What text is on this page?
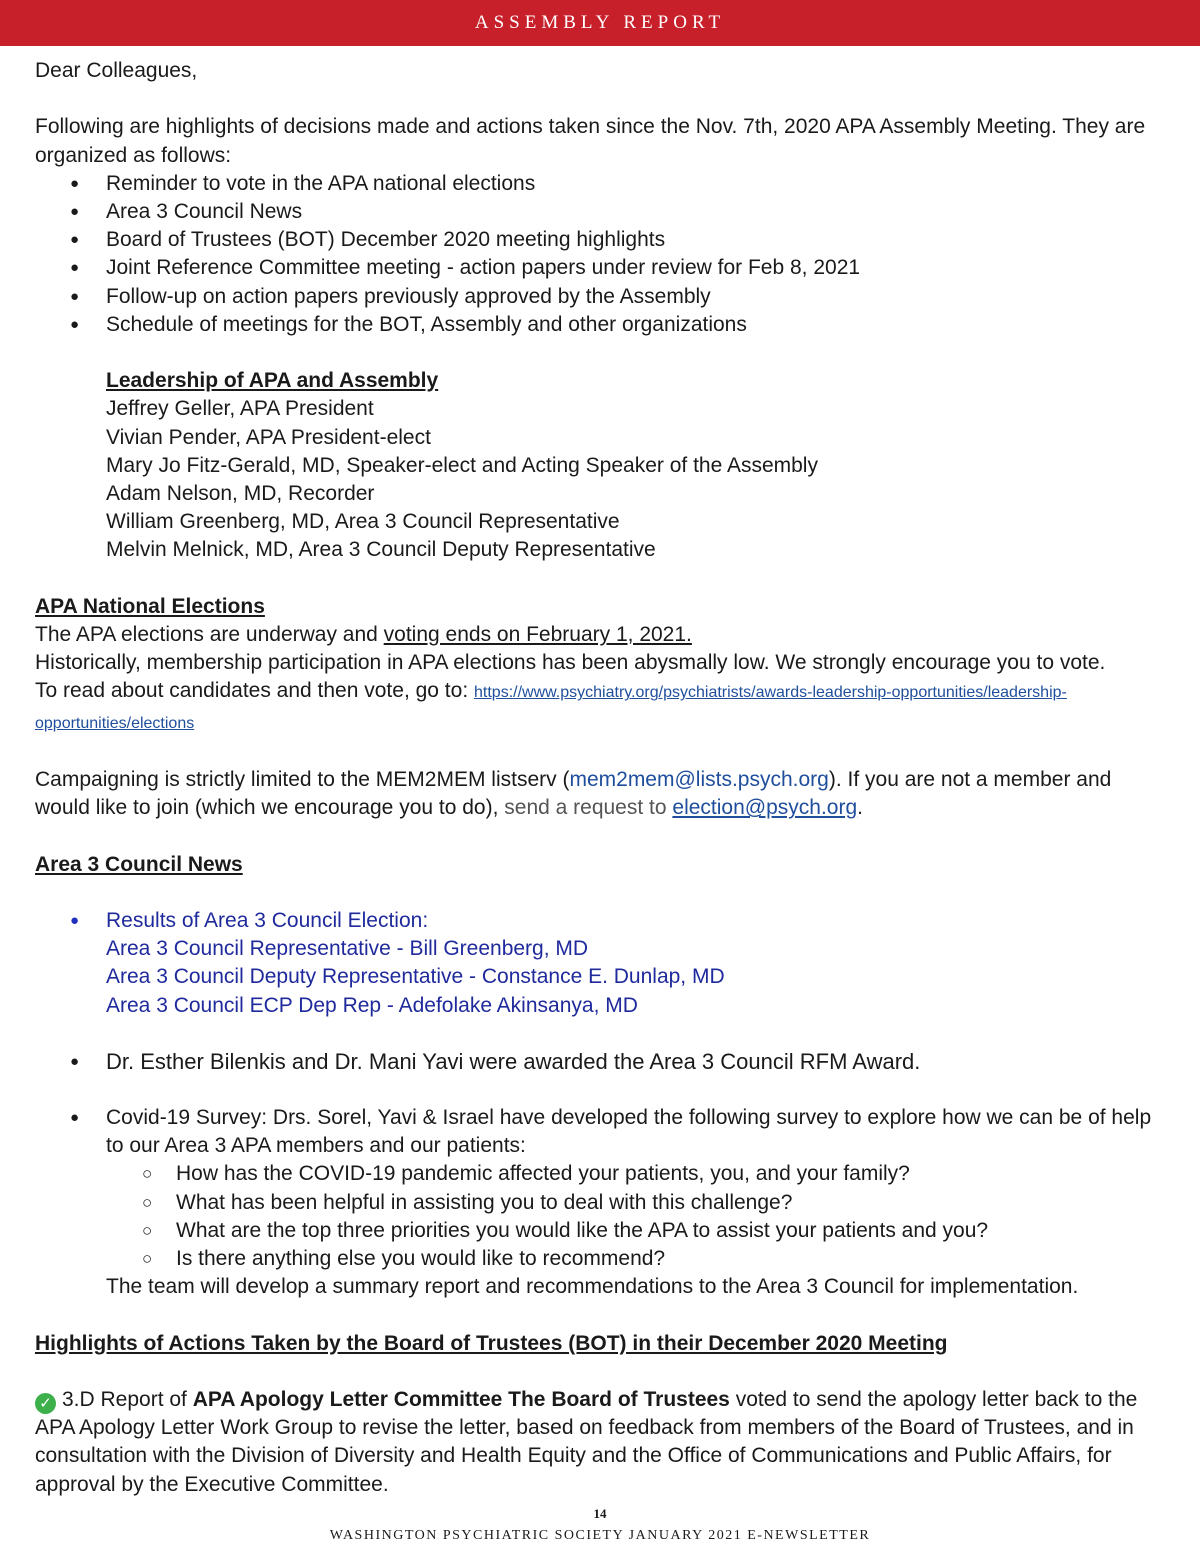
ASSEMBLY REPORT
Dear Colleagues,
Following are highlights of decisions made and actions taken since the Nov. 7th, 2020 APA Assembly Meeting. They are organized as follows:
● Reminder to vote in the APA national elections
● Area 3 Council News
● Board of Trustees (BOT) December 2020 meeting highlights
● Joint Reference Committee meeting - action papers under review for Feb 8, 2021
● Follow-up on action papers previously approved by the Assembly
● Schedule of meetings for the BOT, Assembly and other organizations
Leadership of APA and Assembly
Jeffrey Geller, APA President
Vivian Pender, APA President-elect
Mary Jo Fitz-Gerald, MD, Speaker-elect and Acting Speaker of the Assembly
Adam Nelson, MD, Recorder
William Greenberg, MD, Area 3 Council Representative
Melvin Melnick, MD, Area 3 Council Deputy Representative
APA National Elections
The APA elections are underway and voting ends on February 1, 2021.
Historically, membership participation in APA elections has been abysmally low. We strongly encourage you to vote.
To read about candidates and then vote, go to: https://www.psychiatry.org/psychiatrists/awards-leadership-opportunities/leadership-opportunities/elections
Campaigning is strictly limited to the MEM2MEM listserv (mem2mem@lists.psych.org). If you are not a member and would like to join (which we encourage you to do), send a request to election@psych.org.
Area 3 Council News
● Results of Area 3 Council Election:
Area 3 Council Representative - Bill Greenberg, MD
Area 3 Council Deputy Representative - Constance E. Dunlap, MD
Area 3 Council ECP Dep Rep - Adefolake Akinsanya, MD
● Dr. Esther Bilenkis and Dr. Mani Yavi were awarded the Area 3 Council RFM Award.
● Covid-19 Survey: Drs. Sorel, Yavi & Israel have developed the following survey to explore how we can be of help to our Area 3 APA members and our patients:
○ How has the COVID-19 pandemic affected your patients, you, and your family?
○ What has been helpful in assisting you to deal with this challenge?
○ What are the top three priorities you would like the APA to assist your patients and you?
○ Is there anything else you would like to recommend?
The team will develop a summary report and recommendations to the Area 3 Council for implementation.
Highlights of Actions Taken by the Board of Trustees (BOT) in their December 2020 Meeting
✓ 3.D Report of APA Apology Letter Committee The Board of Trustees voted to send the apology letter back to the APA Apology Letter Work Group to revise the letter, based on feedback from members of the Board of Trustees, and in consultation with the Division of Diversity and Health Equity and the Office of Communications and Public Affairs, for approval by the Executive Committee.
14
WASHINGTON PSYCHIATRIC SOCIETY JANUARY 2021 E-NEWSLETTER
